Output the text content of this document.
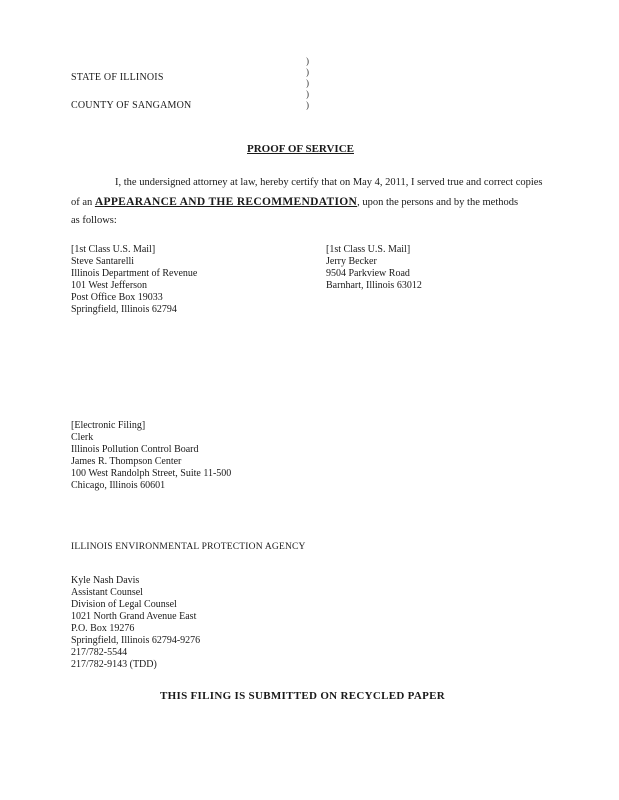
)
)
)
)
)
STATE OF ILLINOIS
COUNTY OF SANGAMON
PROOF OF SERVICE
I, the undersigned attorney at law, hereby certify that on May 4, 2011, I served true and correct copies
of an APPEARANCE AND THE RECOMMENDATION, upon the persons and by the methods
as follows:
[1st Class U.S. Mail]
Steve Santarelli
Illinois Department of Revenue
101 West Jefferson
Post Office Box 19033
Springfield, Illinois 62794
[1st Class U.S. Mail]
Jerry Becker
9504 Parkview Road
Barnhart, Illinois 63012
[Electronic Filing]
Clerk
Illinois Pollution Control Board
James R. Thompson Center
100 West Randolph Street, Suite 11-500
Chicago, Illinois 60601
ILLINOIS ENVIRONMENTAL PROTECTION AGENCY
Kyle Nash Davis
Assistant Counsel
Division of Legal Counsel
1021 North Grand Avenue East
P.O. Box 19276
Springfield, Illinois 62794-9276
217/782-5544
217/782-9143 (TDD)
THIS FILING IS SUBMITTED ON RECYCLED PAPER
